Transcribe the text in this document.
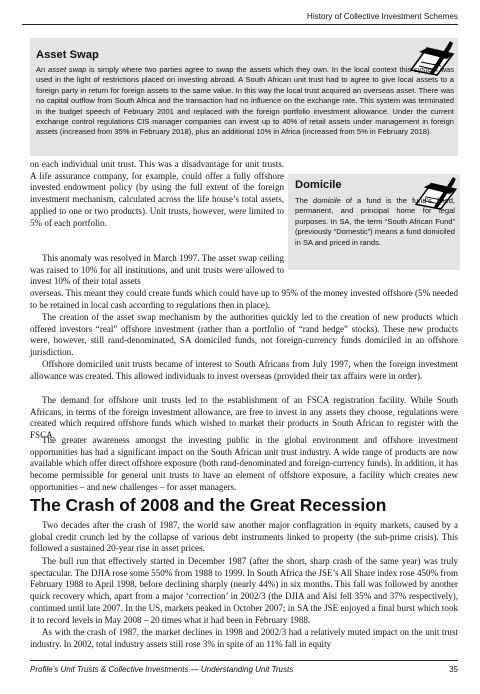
History of Collective Investment Schemes
Asset Swap

An asset swap is simply where two parties agree to swap the assets which they own. In the local context this system was used in the light of restrictions placed on investing abroad. A South African unit trust had to agree to give local assets to a foreign party in return for foreign assets to the same value. In this way the local trust acquired an overseas asset. There was no capital outflow from South Africa and the transaction had no influence on the exchange rate. This system was terminated in the budget speech of February 2001 and replaced with the foreign portfolio investment allowance. Under the current exchange control regulations CIS manager companies can invest up to 40% of retail assets under management in foreign assets (increased from 35% in February 2018), plus an additional 10% in Africa (increased from 5% in February 2018).

on each individual unit trust. This was a disadvantage for unit trusts. A life assurance company, for example, could offer a fully offshore invested endowment policy (by using the full extent of the foreign investment mechanism, calculated across the life house’s total assets, applied to one or two products). Unit trusts, however, were limited to 5% of each portfolio.

This anomaly was resolved in March 1997. The asset swap ceiling was raised to 10% for all institutions, and unit trusts were allowed to invest 10% of their total assets

Domicile

The domicile of a fund is the fund’s fixed, permanent, and principal home for legal purposes. In SA, the term “South African Fund” (previously “Domestic”) means a fund domiciled in SA and priced in rands.

overseas. This meant they could create funds which could have up to 95% of the money invested offshore (5% needed to be retained in local cash according to regulations then in place).

The creation of the asset swap mechanism by the authorities quickly led to the creation of new products which offered investors “real” offshore investment (rather than a portfolio of “rand hedge” stocks). These new products were, however, still rand-denominated, SA domiciled funds, not foreign-currency funds domiciled in an offshore jurisdiction.

Offshore domiciled unit trusts became of interest to South Africans from July 1997, when the foreign investment allowance was created. This allowed individuals to invest overseas (provided their tax affairs were in order).

The demand for offshore unit trusts led to the establishment of an FSCA registration facility. While South Africans, in terms of the foreign investment allowance, are free to invest in any assets they choose, regulations were created which required offshore funds which wished to market their products in South African to register with the FSCA.

The greater awareness amongst the investing public in the global environment and offshore investment opportunities has had a significant impact on the South African unit trust industry. A wide range of products are now available which offer direct offshore exposure (both rand-denominated and foreign-currency funds). In addition, it has become permissible for general unit trusts to have an element of offshore exposure, a facility which creates new opportunities – and new challenges – for asset managers.

The Crash of 2008 and the Great Recession

Two decades after the crash of 1987, the world saw another major conflagration in equity markets, caused by a global credit crunch led by the collapse of various debt instruments linked to property (the sub-prime crisis). This followed a sustained 20-year rise in asset prices.

The bull run that effectively started in December 1987 (after the short, sharp crash of the same year) was truly spectacular. The DJIA rose some 550% from 1988 to 1999. In South Africa the JSE’s All Share index rose 450% from February 1988 to April 1998, before declining sharply (nearly 44%) in six months. This fall was followed by another quick recovery which, apart from a major ‘correction’ in 2002/3 (the DJIA and Alsi fell 35% and 37% respectively), continued until late 2007. In the US, markets peaked in October 2007; in SA the JSE enjoyed a final burst which took it to record levels in May 2008 – 20 times what it had been in February 1988.

As with the crash of 1987, the market declines in 1998 and 2002/3 had a relatively muted impact on the unit trust industry. In 2002, total industry assets still rose 3% in spite of an 11% fall in equity

Profile’s Unit Trusts & Collective Investments — Understanding Unit Trusts	35
